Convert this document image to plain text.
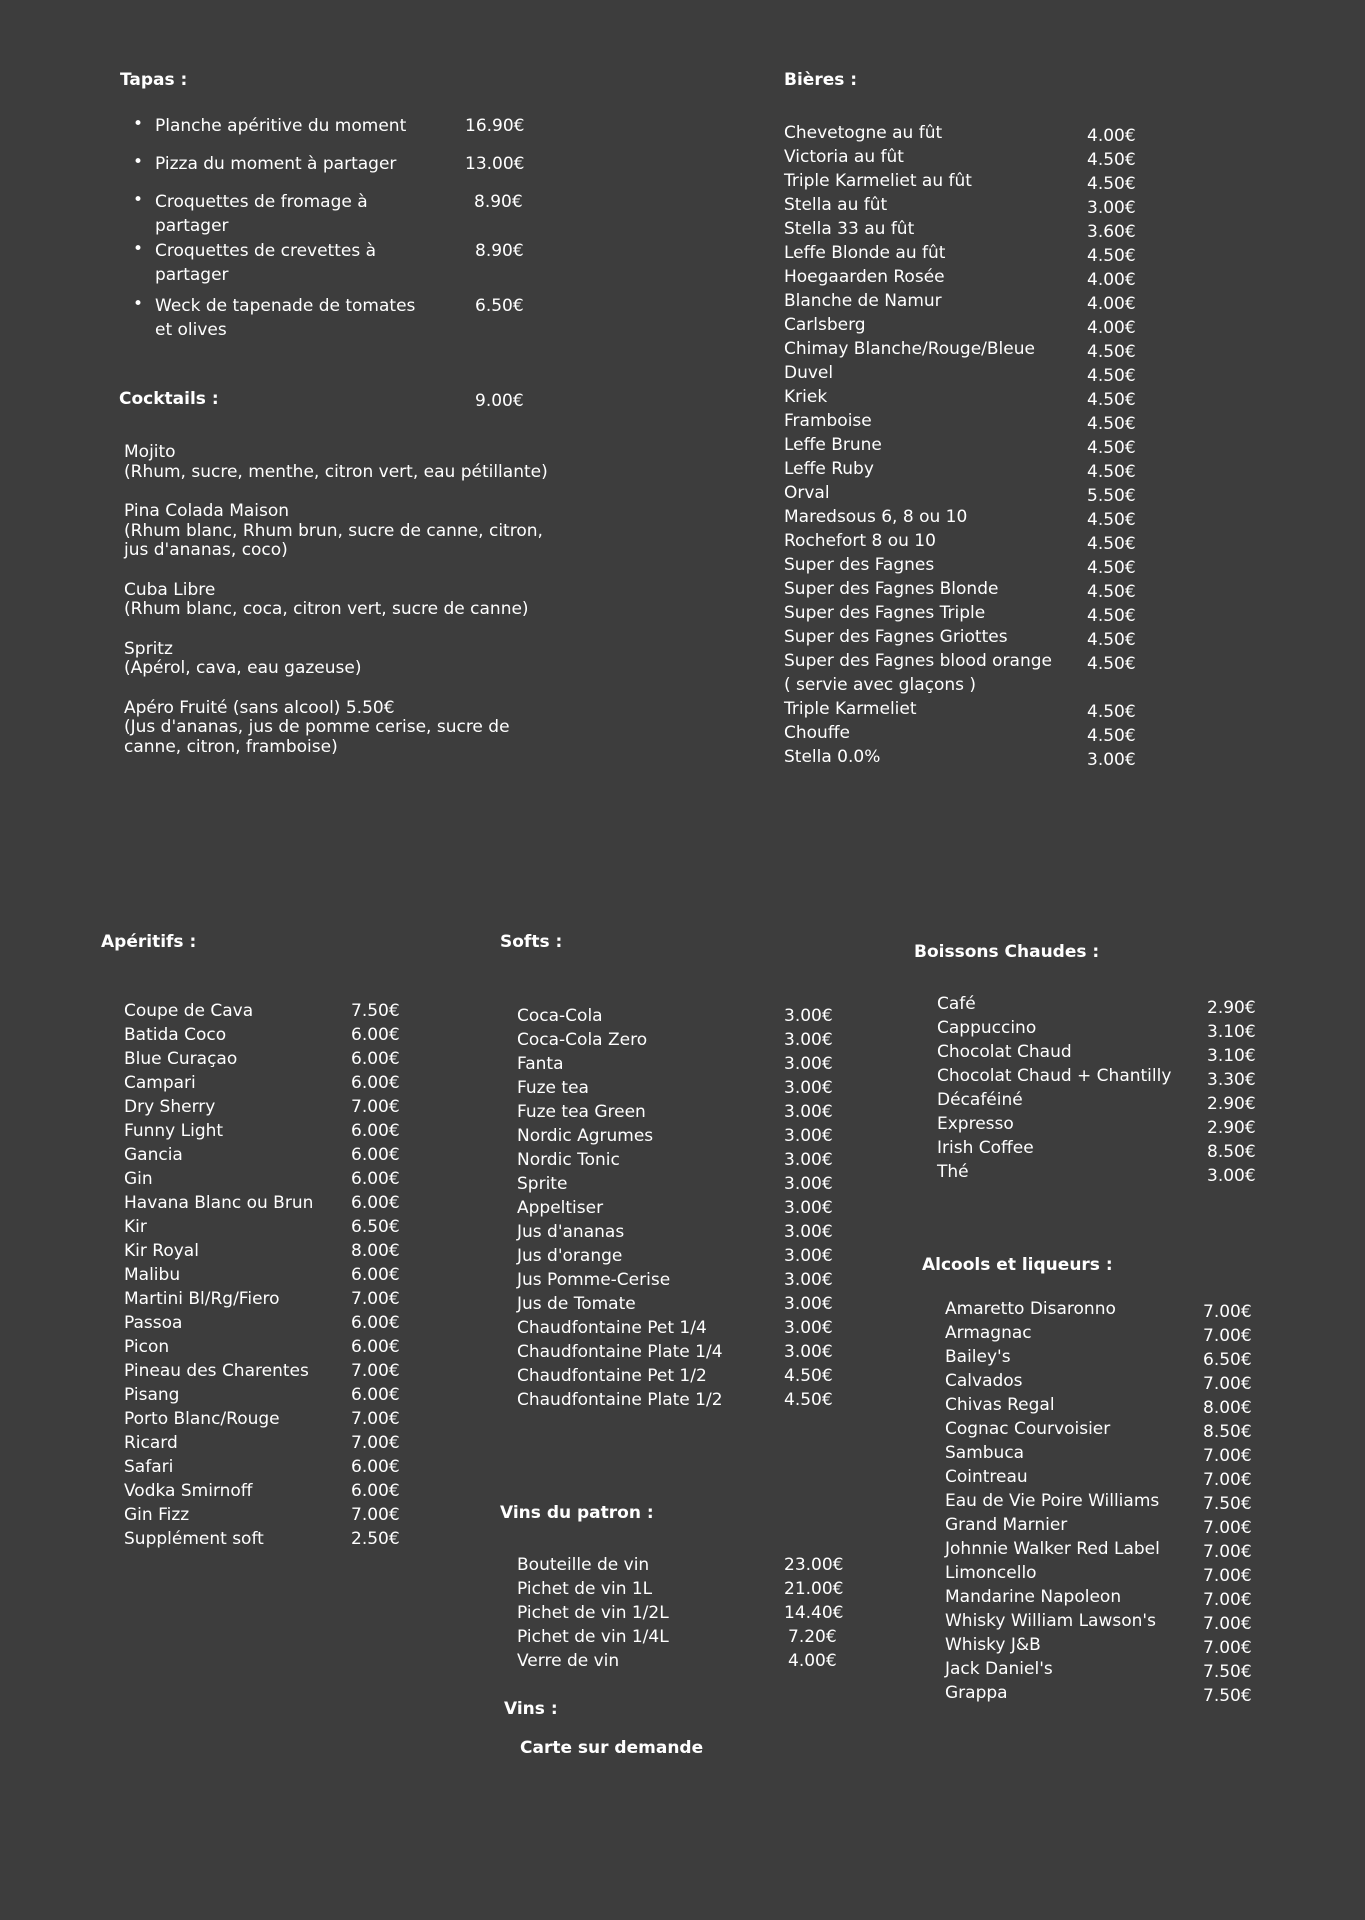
Tapas :
• Planche apéritive du moment	16.90€
• Pizza du moment à partager	13.00€
• Croquettes de fromage à partager
8.90€
• Croquettes de crevettes à partager
8.90€
• Weck de tapenade de tomates et olives
6.50€
Cocktails :	9.00€
Mojito
(Rhum, sucre, menthe, citron vert, eau pétillante)
Pina Colada Maison
(Rhum blanc, Rhum brun, sucre de canne, citron, jus d'ananas, coco)
Cuba Libre
(Rhum blanc, coca, citron vert, sucre de canne)
Spritz
(Apérol, cava, eau gazeuse)
Apéro Fruité (sans alcool) 5.50€
(Jus d'ananas, jus de pomme cerise, sucre de canne, citron, framboise)
Bières :
Chevetogne au fût	4.00€
Victoria au fût	4.50€
Triple Karmeliet au fût	4.50€
Stella au fût	3.00€
Stella 33 au fût	3.60€
Leffe Blonde au fût	4.50€
Hoegaarden Rosée	4.00€
Blanche de Namur	4.00€
Carlsberg	4.00€
Chimay Blanche/Rouge/Bleue	4.50€
Duvel	4.50€
Kriek	4.50€
Framboise	4.50€
Leffe Brune	4.50€
Leffe Ruby	4.50€
Orval	5.50€
Maredsous 6, 8 ou 10	4.50€
Rochefort 8 ou 10	4.50€
Super des Fagnes	4.50€
Super des Fagnes Blonde	4.50€
Super des Fagnes Triple	4.50€
Super des Fagnes Griottes	4.50€
Super des Fagnes blood orange 4.50€
( servie avec glaçons )
Triple Karmeliet	4.50€
Chouffe	4.50€
Stella 0.0%	3.00€
Apéritifs :
Coupe de Cava	7.50€
Batida Coco	6.00€
Blue Curaçao	6.00€
Campari	6.00€
Dry Sherry	7.00€
Funny Light	6.00€
Gancia	6.00€
Gin	6.00€
Havana Blanc ou Brun 6.00€
Kir	6.50€
Kir Royal	8.00€
Malibu	6.00€
Martini Bl/Rg/Fiero	7.00€
Passoa	6.00€
Picon	6.00€
Pineau des Charentes 7.00€
Pisang	6.00€
Porto Blanc/Rouge	7.00€
Ricard	7.00€
Safari	6.00€
Vodka Smirnoff	6.00€
Gin Fizz	7.00€
Supplément soft	2.50€
Softs :
Coca-Cola	3.00€
Coca-Cola Zero	3.00€
Fanta	3.00€
Fuze tea	3.00€
Fuze tea Green	3.00€
Nordic Agrumes	3.00€
Nordic Tonic	3.00€
Sprite	3.00€
Appeltiser	3.00€
Jus d'ananas	3.00€
Jus d'orange	3.00€
Jus Pomme-Cerise	3.00€
Jus de Tomate	3.00€
Chaudfontaine Pet 1/4	3.00€
Chaudfontaine Plate 1/4	3.00€
Chaudfontaine Pet 1/2	4.50€
Chaudfontaine Plate 1/2	4.50€
Vins du patron :
Bouteille de vin	23.00€
Pichet de vin 1L	21.00€
Pichet de vin 1/2L	14.40€
Pichet de vin 1/4L	7.20€
Verre de vin	4.00€
Vins :
Carte sur demande
Boissons Chaudes :
Café	2.90€
Cappuccino	3.10€
Chocolat Chaud	3.10€
Chocolat Chaud + Chantilly 3.30€
Décaféiné	2.90€
Expresso	2.90€
Irish Coffee	8.50€
Thé	3.00€
Alcools et liqueurs :
Amaretto Disaronno	7.00€
Armagnac	7.00€
Bailey's	6.50€
Calvados	7.00€
Chivas Regal	8.00€
Cognac Courvoisier	8.50€
Sambuca	7.00€
Cointreau	7.00€
Eau de Vie Poire Williams	7.50€
Grand Marnier	7.00€
Johnnie Walker Red Label	7.00€
Limoncello	7.00€
Mandarine Napoleon	7.00€
Whisky William Lawson's	7.00€
Whisky J&B	7.00€
Jack Daniel's	7.50€
Grappa	7.50€
